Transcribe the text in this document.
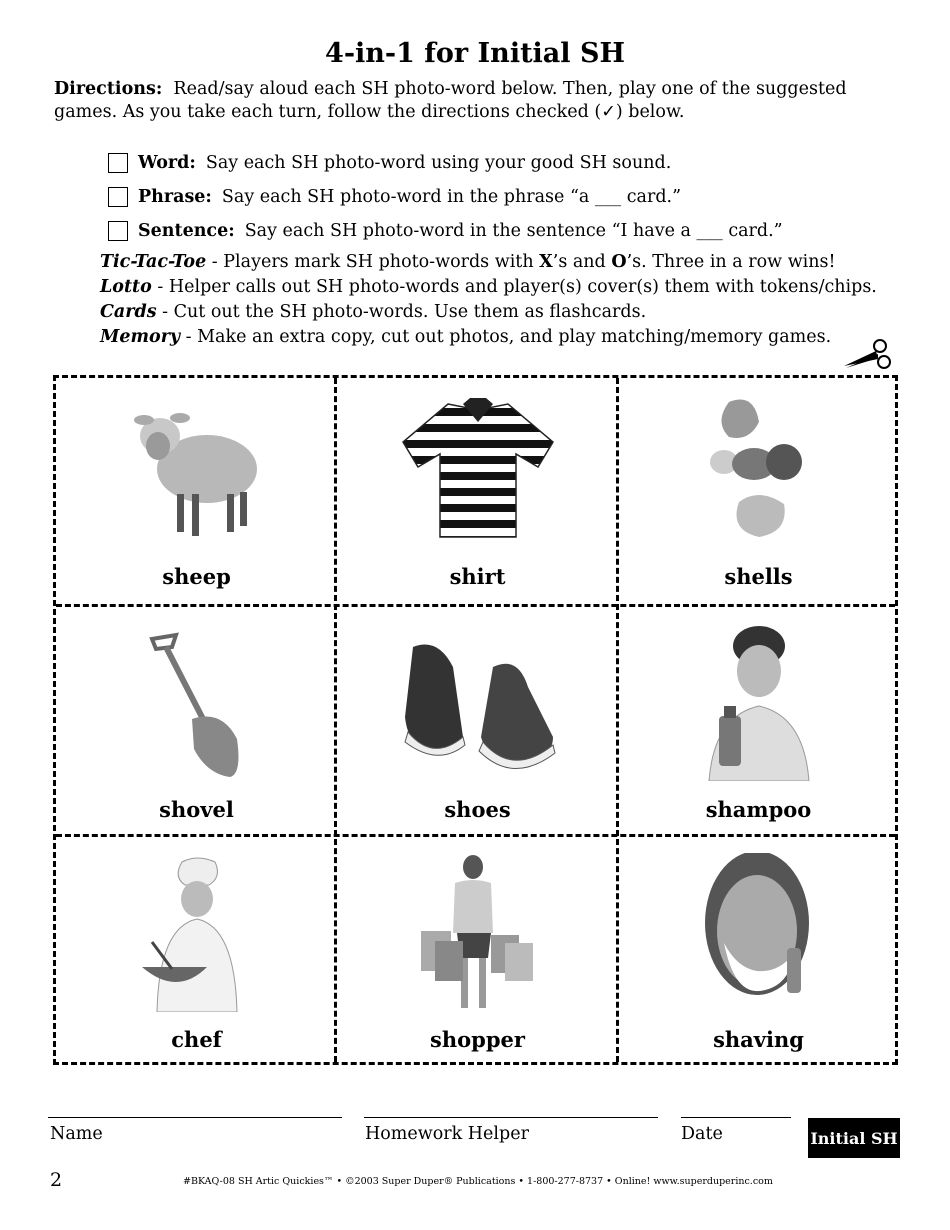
4-in-1 for Initial SH
Directions: Read/say aloud each SH photo-word below. Then, play one of the suggested games. As you take each turn, follow the directions checked (✓) below.
Word: Say each SH photo-word using your good SH sound.
Phrase: Say each SH photo-word in the phrase “a ___ card.”
Sentence: Say each SH photo-word in the sentence “I have a ___ card.”
Tic-Tac-Toe - Players mark SH photo-words with X’s and O’s. Three in a row wins!
Lotto - Helper calls out SH photo-words and player(s) cover(s) them with tokens/chips.
Cards - Cut out the SH photo-words. Use them as flashcards.
Memory - Make an extra copy, cut out photos, and play matching/memory games.
sheep	shirt	shells
shovel	shoes	shampoo
chef	shopper	shaving
Name	Homework Helper	Date	Initial SH
2	#BKAQ-08 SH Artic Quickies™ • ©2003 Super Duper® Publications • 1-800-277-8737 • Online! www.superduperinc.com
